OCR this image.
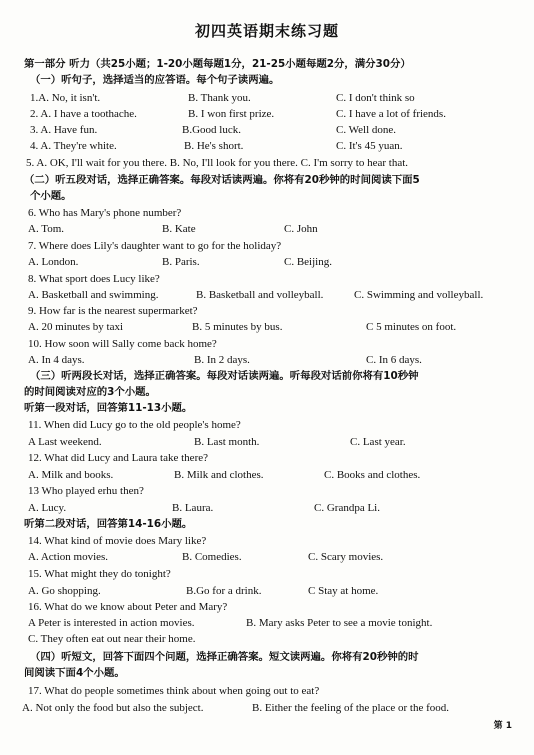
初四英语期末练习题
第一部分 听力（共25小题；1-20小题每题1分，21-25小题每题2分，满分30分）
（一）听句子，选择适当的应答语。每个句子读两遍。
1.A. No, it isn't.	B. Thank you.	C. I don't think so
2. A. I have a toothache.	B. I won first prize.	C. I have a lot of friends.
3. A. Have fun.	B.Good luck.	C. Well done.
4. A. They're white.	B. He's short.	C. It's 45 yuan.
5. A. OK, I'll wait for you there. B. No, I'll look for you there. C. I'm sorry to hear that.
（二）听五段对话，选择正确答案。每段对话读两遍。你将有20秒钟的时间阅读下面5
个小题。
6. Who has Mary's phone number?
A. Tom.	B. Kate	C. John
7. Where does Lily's daughter want to go for the holiday?
A. London.	B. Paris.	C. Beijing.
8. What sport does Lucy like?
A. Basketball and swimming.	B. Basketball and volleyball.	C. Swimming and volleyball.
9. How far is the nearest supermarket?
A. 20 minutes by taxi	B. 5 minutes by bus.	C 5 minutes on foot.
10. How soon will Sally come back home?
A. In 4 days.	B. In 2 days.	C. In 6 days.
（三）听两段长对话，选择正确答案。每段对话读两遍。听每段对话前你将有10秒钟
的时间阅读对应的3个小题。
听第一段对话，回答第11-13小题。
11. When did Lucy go to the old people's home?
A Last weekend.	B. Last month.	C. Last year.
12. What did Lucy and Laura take there?
A. Milk and books.	B. Milk and clothes.	C. Books and clothes.
13 Who played erhu then?
A. Lucy.	B. Laura.	C. Grandpa Li.
听第二段对话，回答第14-16小题。
14. What kind of movie does Mary like?
A. Action movies.	B. Comedies.	C. Scary movies.
15. What might they do tonight?
A. Go shopping.	B.Go for a drink.	C Stay at home.
16. What do we know about Peter and Mary?
A Peter is interested in action movies.	B. Mary asks Peter to see a movie tonight.
C. They often eat out near their home.
（四）听短文，回答下面四个问题，选择正确答案。短文读两遍。你将有20秒钟的时
间阅读下面4个小题。
17. What do people sometimes think about when going out to eat?
A. Not only the food but also the subject.	B. Either the feeling of the place or the food.
第 1
